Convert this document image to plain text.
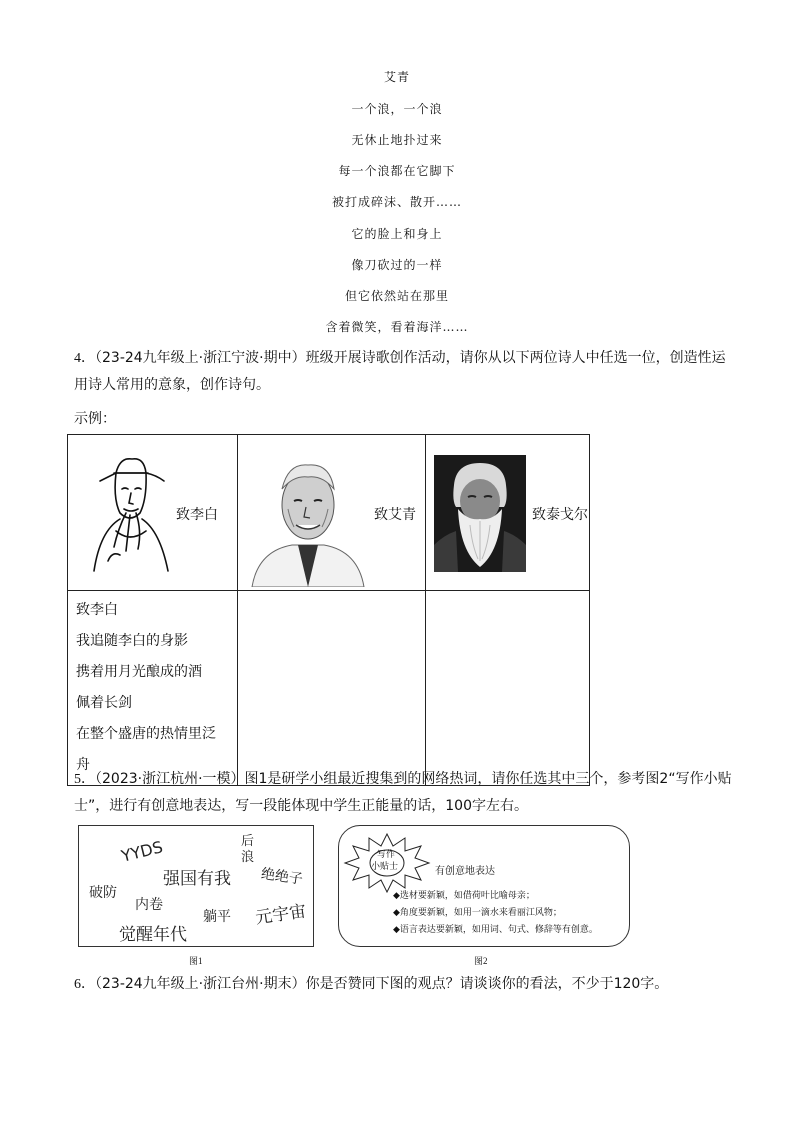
艾青
一个浪，一个浪
无休止地扑过来
每一个浪都在它脚下
被打成碎沫、散开……
它的脸上和身上
像刀砍过的一样
但它依然站在那里
含着微笑，看着海洋……
4．（23-24九年级上·浙江宁波·期中）班级开展诗歌创作活动，请你从以下两位诗人中任选一位，创造性运用诗人常用的意象，创作诗句。
示例：
致李白	致艾青	致泰戈尔

致李白
我追随李白的身影
携着用月光酿成的酒
佩着长剑
在整个盛唐的热情里泛舟		

5．（2023·浙江杭州·一模）图1是研学小组最近搜集到的网络热词，请你任选其中三个，参考图2“写作小贴士”，进行有创意地表达，写一段能体现中学生正能量的话，100字左右。
YYDS	后
浪
强国有我 绝绝子
破防
内卷
躺平 元宇宙
觉醒年代
图1
写作
小贴士	有创意地表达
◆选材要新颖，如借荷叶比喻母亲；
◆角度要新颖，如用一滴水来看丽江风物；
◆语言表达要新颖，如用词、句式、修辞等有创意。
图2
6．（23-24九年级上·浙江台州·期末）你是否赞同下图的观点？请谈谈你的看法，不少于120字。
